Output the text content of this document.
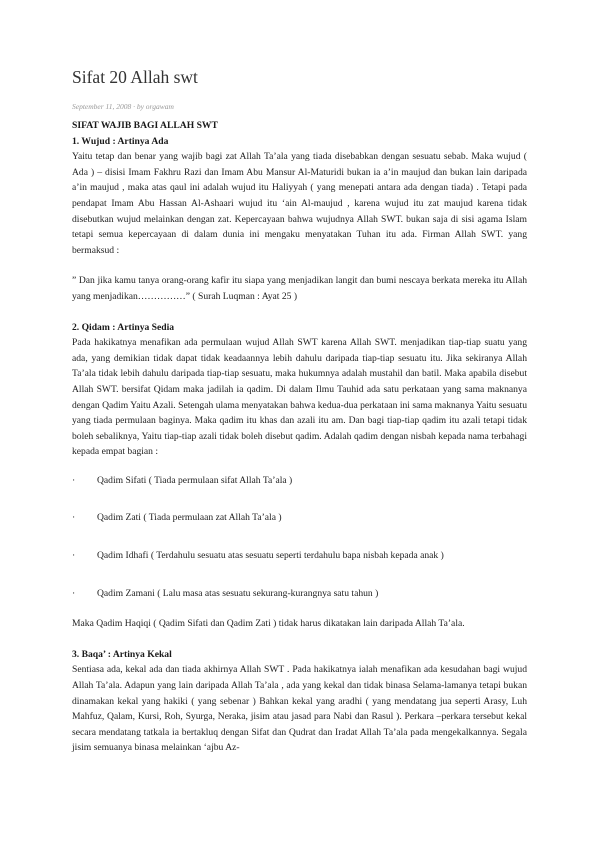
Sifat 20 Allah swt
September 11, 2008 · by orgawam

SIFAT WAJIB BAGI ALLAH SWT

1. Wujud : Artinya Ada

Yaitu tetap dan benar yang wajib bagi zat Allah Ta’ala yang tiada disebabkan dengan sesuatu sebab. Maka wujud ( Ada ) – disisi Imam Fakhru Razi dan Imam Abu Mansur Al-Maturidi bukan ia a’in maujud dan bukan lain daripada a’in maujud , maka atas qaul ini adalah wujud itu Haliyyah ( yang menepati antara ada dengan tiada) . Tetapi pada pendapat Imam Abu Hassan Al-Ashaari wujud itu ‘ain Al-maujud , karena wujud itu zat maujud karena tidak disebutkan wujud melainkan dengan zat. Kepercayaan bahwa wujudnya Allah SWT. bukan saja di sisi agama Islam tetapi semua kepercayaan di dalam dunia ini mengaku menyatakan Tuhan itu ada. Firman Allah SWT. yang bermaksud :

” Dan jika kamu tanya orang-orang kafir itu siapa yang menjadikan langit dan bumi nescaya berkata mereka itu Allah yang menjadikan……………” ( Surah Luqman : Ayat 25 )

2. Qidam : Artinya Sedia

Pada hakikatnya menafikan ada permulaan wujud Allah SWT karena Allah SWT. menjadikan tiap-tiap suatu yang ada, yang demikian tidak dapat tidak keadaannya lebih dahulu daripada tiap-tiap sesuatu itu. Jika sekiranya Allah Ta’ala tidak lebih dahulu daripada tiap-tiap sesuatu, maka hukumnya adalah mustahil dan batil. Maka apabila disebut Allah SWT. bersifat Qidam maka jadilah ia qadim. Di dalam Ilmu Tauhid ada satu perkataan yang sama maknanya dengan Qadim Yaitu Azali. Setengah ulama menyatakan bahwa kedua-dua perkataan ini sama maknanya Yaitu sesuatu yang tiada permulaan baginya. Maka qadim itu khas dan azali itu am. Dan bagi tiap-tiap qadim itu azali tetapi tidak boleh sebaliknya, Yaitu tiap-tiap azali tidak boleh disebut qadim. Adalah qadim dengan nisbah kepada nama terbahagi kepada empat bagian :

·	Qadim Sifati ( Tiada permulaan sifat Allah Ta’ala )
·	Qadim Zati ( Tiada permulaan zat Allah Ta’ala )
·	Qadim Idhafi ( Terdahulu sesuatu atas sesuatu seperti terdahulu bapa nisbah kepada anak )
·	Qadim Zamani ( Lalu masa atas sesuatu sekurang-kurangnya satu tahun )

Maka Qadim Haqiqi ( Qadim Sifati dan Qadim Zati ) tidak harus dikatakan lain daripada Allah Ta’ala.

3. Baqa’ : Artinya Kekal

Sentiasa ada, kekal ada dan tiada akhirnya Allah SWT . Pada hakikatnya ialah menafikan ada kesudahan bagi wujud Allah Ta’ala. Adapun yang lain daripada Allah Ta’ala , ada yang kekal dan tidak binasa Selama-lamanya tetapi bukan dinamakan kekal yang hakiki ( yang sebenar ) Bahkan kekal yang aradhi ( yang mendatang jua seperti Arasy, Luh Mahfuz, Qalam, Kursi, Roh, Syurga, Neraka, jisim atau jasad para Nabi dan Rasul ). Perkara –perkara tersebut kekal secara mendatang tatkala ia bertakluq dengan Sifat dan Qudrat dan Iradat Allah Ta’ala pada mengekalkannya. Segala jisim semuanya binasa melainkan ‘ajbu Az-
